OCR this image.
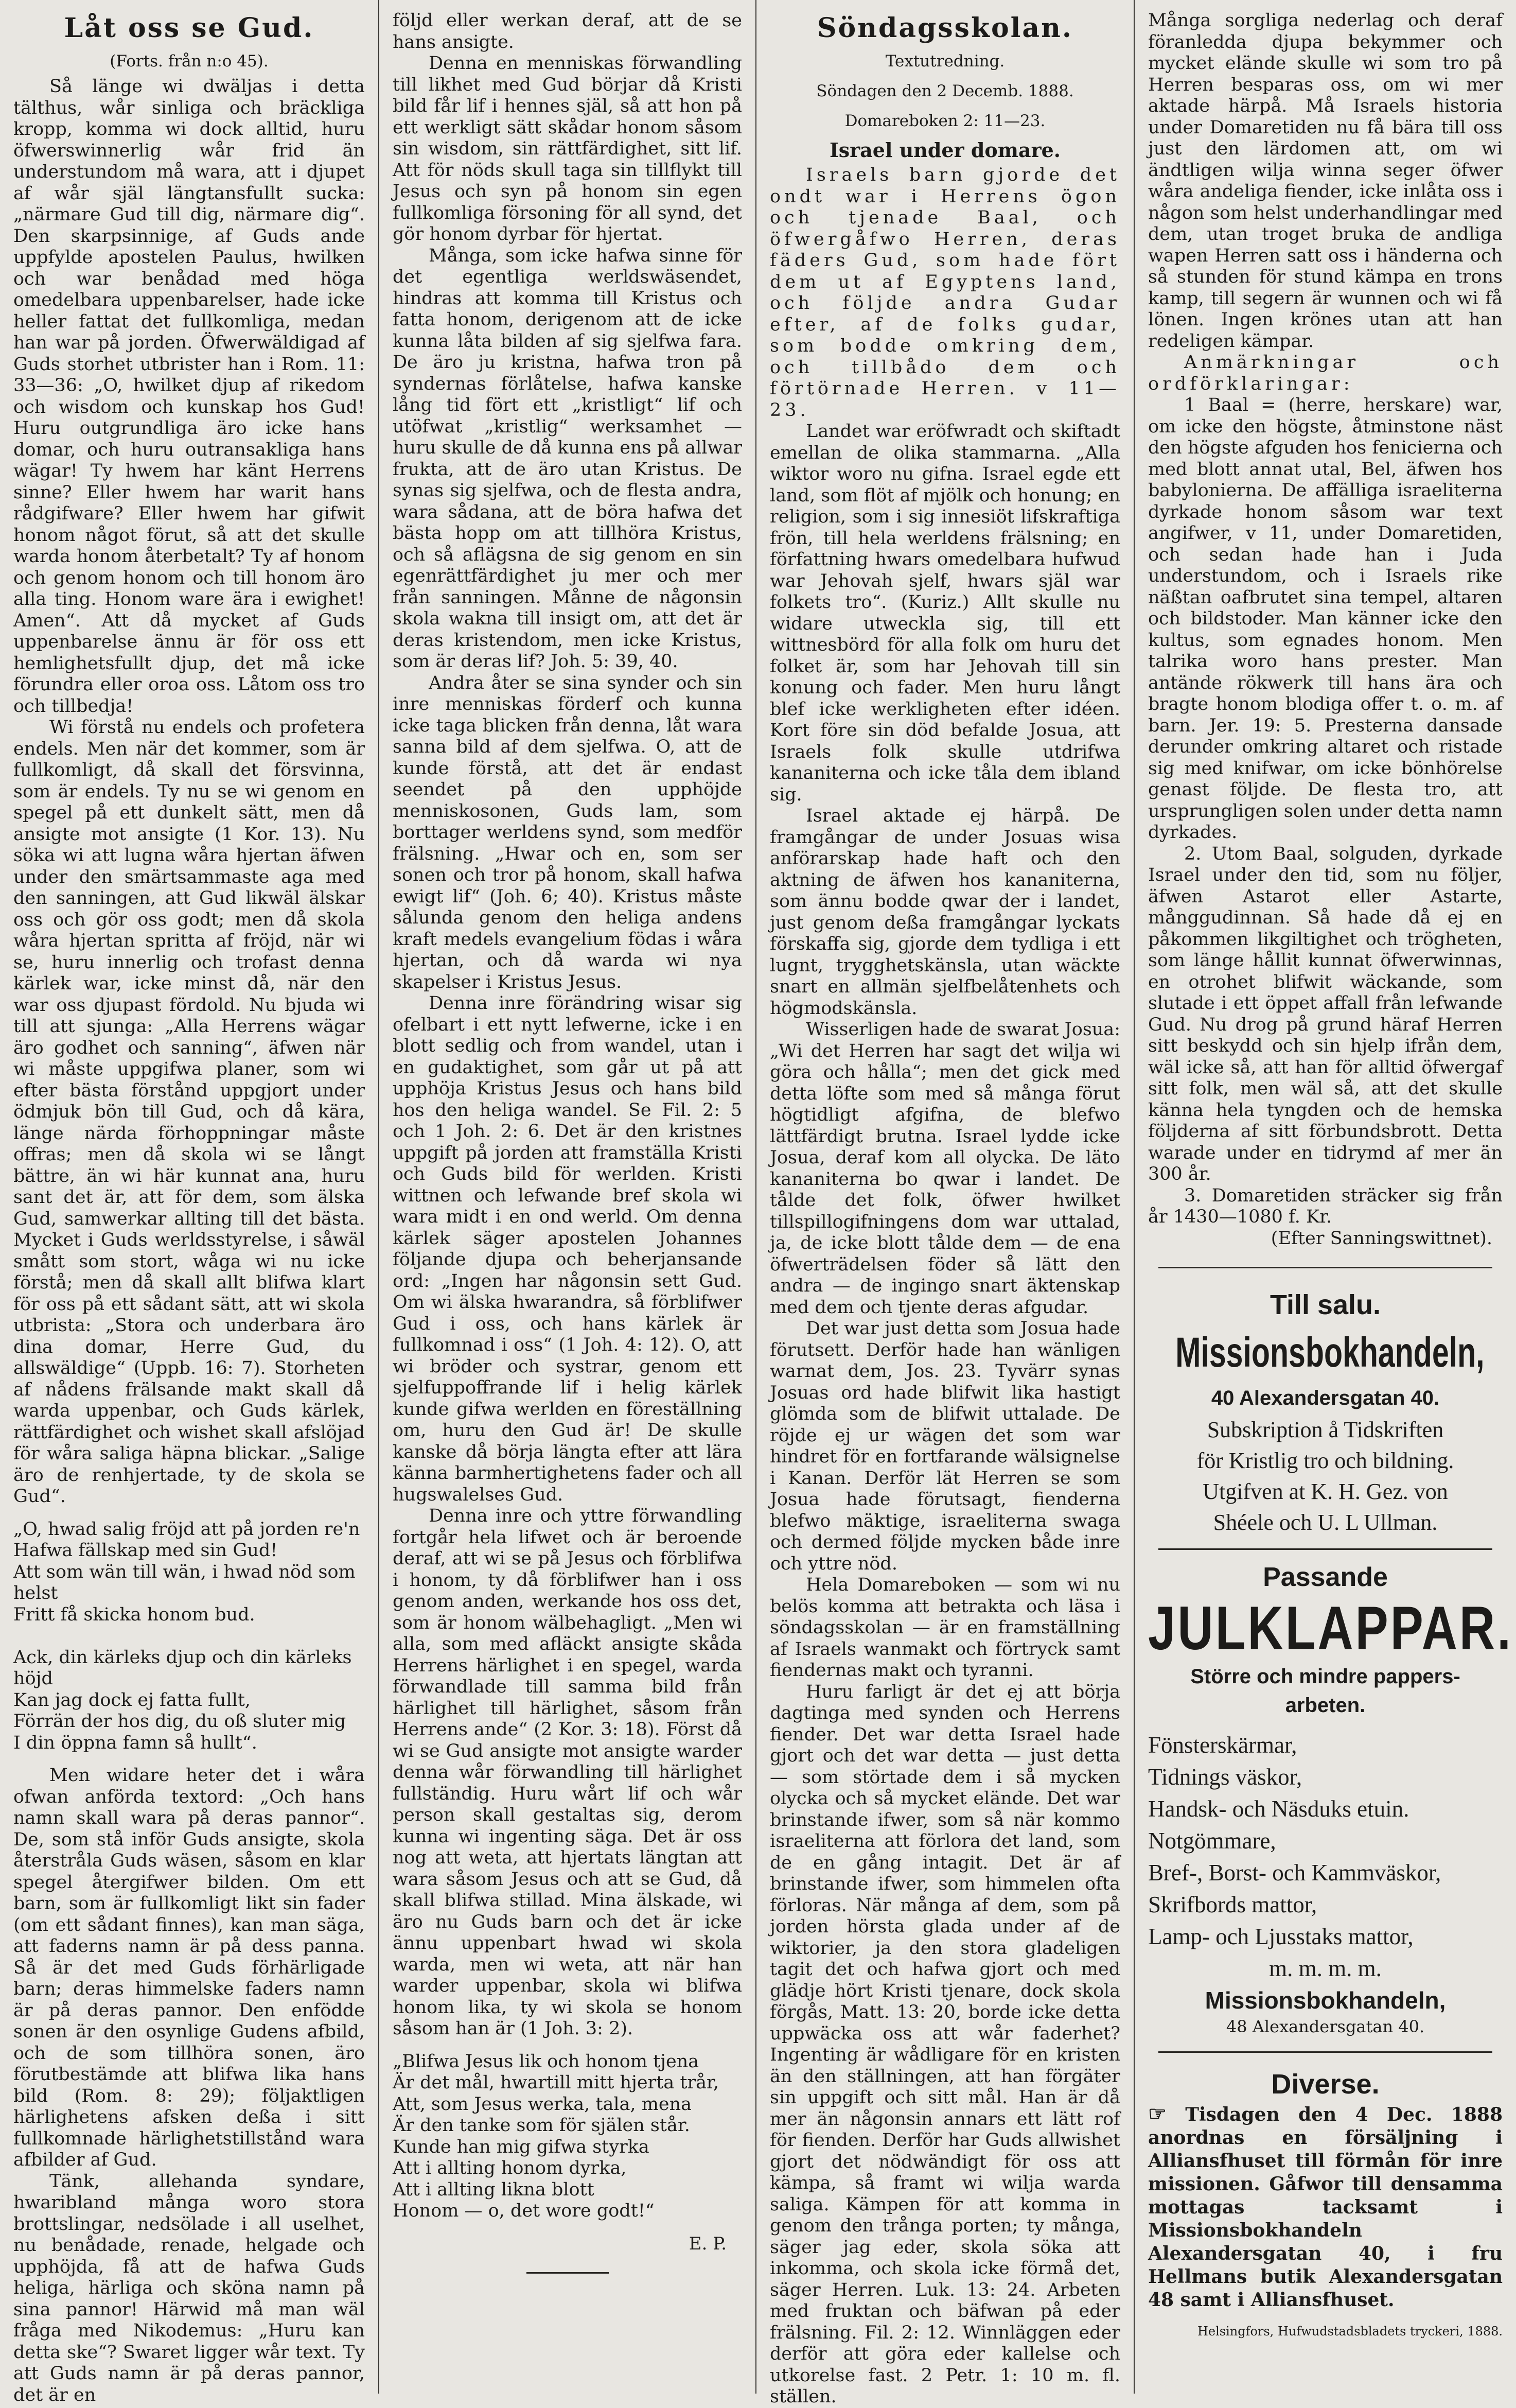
Låt oss se Gud.
(Forts. från n:o 45).

Så länge wi dwäljas i detta tälthus, wår sinliga och bräckliga kropp, komma wi dock alltid, huru öfwerswinnerlig wår frid än understundom må wara, att i djupet af wår själ längtansfullt sucka: „närmare Gud till dig, närmare dig“. Den skarpsinnige, af Guds ande uppfylde apostelen Paulus, hwilken och war benådad med höga omedelbara uppenbarelser, hade icke heller fattat det fullkomliga, medan han war på jorden. Öfwerwäldigad af Guds storhet utbrister han i Rom. 11: 33—36: „O, hwilket djup af rikedom och wisdom och kunskap hos Gud! Huru outgrundliga äro icke hans domar, och huru outransakliga hans wägar! Ty hwem har känt Herrens sinne? Eller hwem har warit hans rådgifware? Eller hwem har gifwit honom något förut, så att det skulle warda honom återbetalt? Ty af honom och genom honom och till honom äro alla ting. Honom ware ära i ewighet! Amen“. Att då mycket af Guds uppenbarelse ännu är för oss ett hemlighetsfullt djup, det må icke förundra eller oroa oss. Låtom oss tro och tillbedja!

Wi förstå nu endels och profetera endels. Men när det kommer, som är fullkomligt, då skall det försvinna, som är endels. Ty nu se wi genom en spegel på ett dunkelt sätt, men då ansigte mot ansigte (1 Kor. 13). Nu söka wi att lugna wåra hjertan äfwen under den smärtsammaste aga med den sanningen, att Gud likwäl älskar oss och gör oss godt; men då skola wåra hjertan spritta af fröjd, när wi se, huru innerlig och trofast denna kärlek war, icke minst då, när den war oss djupast fördold. Nu bjuda wi till att sjunga: „Alla Herrens wägar äro godhet och sanning“, äfwen när wi måste uppgifwa planer, som wi efter bästa förstånd uppgjort under ödmjuk bön till Gud, och då kära, länge närda förhoppningar måste offras; men då skola wi se långt bättre, än wi här kunnat ana, huru sant det är, att för dem, som älska Gud, samwerkar allting till det bästa. Mycket i Guds werldsstyrelse, i såwäl smått som stort, wåga wi nu icke förstå; men då skall allt blifwa klart för oss på ett sådant sätt, att wi skola utbrista: „Stora och underbara äro dina domar, Herre Gud, du allswäldige“ (Uppb. 16: 7). Storheten af nådens frälsande makt skall då warda uppenbar, och Guds kärlek, rättfärdighet och wishet skall afslöjad för wåra saliga häpna blickar. „Salige äro de renhjertade, ty de skola se Gud“.

„O, hwad salig fröjd att på jorden re'n
Hafwa fällskap med sin Gud!
Att som wän till wän, i hwad nöd som helst
Fritt få skicka honom bud.

Ack, din kärleks djup och din kärleks höjd
Kan jag dock ej fatta fullt,
Förrän der hos dig, du oß sluter mig
I din öppna famn så hullt“.

Men widare heter det i wåra ofwan anförda textord: „Och hans namn skall wara på deras pannor“. De, som stå inför Guds ansigte, skola återstråla Guds wäsen, såsom en klar spegel återgifwer bilden. Om ett barn, som är fullkomligt likt sin fader (om ett sådant finnes), kan man säga, att faderns namn är på dess panna. Så är det med Guds förhärligade barn; deras himmelske faders namn är på deras pannor. Den enfödde sonen är den osynlige Gudens afbild, och de som tillhöra sonen, äro förutbestämde att blifwa lika hans bild (Rom. 8: 29); följaktligen härlighetens afsken deßa i sitt fullkomnade härlighetstillstånd wara afbilder af Gud.

Tänk, allehanda syndare, hwaribland många woro stora brottslingar, nedsölade i all uselhet, nu benådade, renade, helgade och upphöjda, få att de hafwa Guds heliga, härliga och sköna namn på sina pannor! Härwid må man wäl fråga med Nikodemus: „Huru kan detta ske“? Swaret ligger wår text. Ty att Guds namn är på deras pannor, det är en

följd eller werkan deraf, att de se hans ansigte.

Denna en menniskas förwandling till likhet med Gud börjar då Kristi bild får lif i hennes själ, så att hon på ett werkligt sätt skådar honom såsom sin wisdom, sin rättfärdighet, sitt lif. Att för nöds skull taga sin tillflykt till Jesus och syn på honom sin egen fullkomliga försoning för all synd, det gör honom dyrbar för hjertat.

Många, som icke hafwa sinne för det egentliga werldswäsendet, hindras att komma till Kristus och fatta honom, derigenom att de icke kunna låta bilden af sig sjelfwa fara. De äro ju kristna, hafwa tron på syndernas förlåtelse, hafwa kanske lång tid fört ett „kristligt“ lif och utöfwat „kristlig“ werksamhet — huru skulle de då kunna ens på allwar frukta, att de äro utan Kristus. De synas sig sjelfwa, och de flesta andra, wara sådana, att de böra hafwa det bästa hopp om att tillhöra Kristus, och så aflägsna de sig genom en sin egenrättfärdighet ju mer och mer från sanningen. Månne de någonsin skola wakna till insigt om, att det är deras kristendom, men icke Kristus, som är deras lif? Joh. 5: 39, 40.

Andra åter se sina synder och sin inre menniskas förderf och kunna icke taga blicken från denna, låt wara sanna bild af dem sjelfwa. O, att de kunde förstå, att det är endast seendet på den upphöjde menniskosonen, Guds lam, som borttager werldens synd, som medför frälsning. „Hwar och en, som ser sonen och tror på honom, skall hafwa ewigt lif“ (Joh. 6; 40). Kristus måste sålunda genom den heliga andens kraft medels evangelium födas i wåra hjertan, och då warda wi nya skapelser i Kristus Jesus.

Denna inre förändring wisar sig ofelbart i ett nytt lefwerne, icke i en blott sedlig och from wandel, utan i en gudaktighet, som går ut på att upphöja Kristus Jesus och hans bild hos den heliga wandel. Se Fil. 2: 5 och 1 Joh. 2: 6. Det är den kristnes uppgift på jorden att framställa Kristi och Guds bild för werlden. Kristi wittnen och lefwande bref skola wi wara midt i en ond werld. Om denna kärlek säger apostelen Johannes följande djupa och beherjansande ord: „Ingen har någonsin sett Gud. Om wi älska hwarandra, så förblifwer Gud i oss, och hans kärlek är fullkomnad i oss“ (1 Joh. 4: 12). O, att wi bröder och systrar, genom ett sjelfuppoffrande lif i helig kärlek kunde gifwa werlden en föreställning om, huru den Gud är! De skulle kanske då börja längta efter att lära känna barmhertighetens fader och all hugswalelses Gud.

Denna inre och yttre förwandling fortgår hela lifwet och är beroende deraf, att wi se på Jesus och förblifwa i honom, ty då förblifwer han i oss genom anden, werkande hos oss det, som är honom wälbehagligt. „Men wi alla, som med afläckt ansigte skåda Herrens härlighet i en spegel, warda förwandlade till samma bild från härlighet till härlighet, såsom från Herrens ande“ (2 Kor. 3: 18). Först då wi se Gud ansigte mot ansigte warder denna wår förwandling till härlighet fullständig. Huru wårt lif och wår person skall gestaltas sig, derom kunna wi ingenting säga. Det är oss nog att weta, att hjertats längtan att wara såsom Jesus och att se Gud, då skall blifwa stillad. Mina älskade, wi äro nu Guds barn och det är icke ännu uppenbart hwad wi skola warda, men wi weta, att när han warder uppenbar, skola wi blifwa honom lika, ty wi skola se honom såsom han är (1 Joh. 3: 2).

„Blifwa Jesus lik och honom tjena
Är det mål, hwartill mitt hjerta trår,
Att, som Jesus werka, tala, mena
Är den tanke som för själen står.
Kunde han mig gifwa styrka
Att i allting honom dyrka,
Att i allting likna blott
Honom — o, det wore godt!“
E. P.
Söndagsskolan.
Textutredning.
Söndagen den 2 Decemb. 1888.
Domareboken 2: 11—23.
Israel under domare.

Israels barn gjorde det ondt war i Herrens ögon och tjenade Baal, och öfwergåfwo Herren, deras fäders Gud, som hade fört dem ut af Egyptens land, och följde andra Gudar efter, af de folks gudar, som bodde omkring dem, och tillbådo dem och förtörnade Herren. v 11—23.

Landet war eröfwradt och skiftadt emellan de olika stammarna. „Alla wiktor woro nu gifna. Israel egde ett land, som flöt af mjölk och honung; en religion, som i sig innesiöt lifskraftiga frön, till hela werldens frälsning; en författning hwars omedelbara hufwud war Jehovah sjelf, hwars själ war folkets tro“. (Kuriz.) Allt skulle nu widare utweckla sig, till ett wittnesbörd för alla folk om huru det folket är, som har Jehovah till sin konung och fader. Men huru långt blef icke werkligheten efter idéen. Kort före sin död befalde Josua, att Israels folk skulle utdrifwa kananiterna och icke tåla dem ibland sig.

Israel aktade ej härpå. De framgångar de under Josuas wisa anförarskap hade haft och den aktning de äfwen hos kananiterna, som ännu bodde qwar der i landet, just genom deßa framgångar lyckats förskaffa sig, gjorde dem tydliga i ett lugnt, trygghetskänsla, utan wäckte snart en allmän sjelfbelåtenhets och högmodskänsla.

Wisserligen hade de swarat Josua: „Wi det Herren har sagt det wilja wi göra och hålla“; men det gick med detta löfte som med så många förut högtidligt afgifna, de blefwo lättfärdigt brutna. Israel lydde icke Josua, deraf kom all olycka. De läto kananiterna bo qwar i landet. De tålde det folk, öfwer hwilket tillspillogifningens dom war uttalad, ja, de icke blott tålde dem — de ena öfwerträdelsen föder så lätt den andra — de ingingo snart äktenskap med dem och tjente deras afgudar.

Det war just detta som Josua hade förutsett. Derför hade han wänligen warnat dem, Jos. 23. Tyvärr synas Josuas ord hade blifwit lika hastigt glömda som de blifwit uttalade. De röjde ej ur wägen det som war hindret för en fortfarande wälsignelse i Kanan. Derför lät Herren se som Josua hade förutsagt, fienderna blefwo mäktige, israeliterna swaga och dermed följde mycken både inre och yttre nöd.

Hela Domareboken — som wi nu belös komma att betrakta och läsa i söndagsskolan — är en framställning af Israels wanmakt och förtryck samt fiendernas makt och tyranni.

Huru farligt är det ej att börja dagtinga med synden och Herrens fiender. Det war detta Israel hade gjort och det war detta — just detta — som störtade dem i så mycken olycka och så mycket elände. Det war brinstande ifwer, som så när kommo israeliterna att förlora det land, som de en gång intagit. Det är af brinstande ifwer, som himmelen ofta förloras. När många af dem, som på jorden hörsta glada under af de wiktorier, ja den stora gladeligen tagit det och hafwa gjort och med glädje hört Kristi tjenare, dock skola förgås, Matt. 13: 20, borde icke detta uppwäcka oss att wår faderhet? Ingenting är wådligare för en kristen än den ställningen, att han förgäter sin uppgift och sitt mål. Han är då mer än någonsin annars ett lätt rof för fienden. Derför har Guds allwishet gjort det nödwändigt för oss att kämpa, så framt wi wilja warda saliga. Kämpen för att komma in genom den trånga porten; ty många, säger jag eder, skola söka att inkomma, och skola icke förmå det, säger Herren. Luk. 13: 24. Arbeten med fruktan och bäfwan på eder frälsning. Fil. 2: 12. Winnläggen eder derför att göra eder kallelse och utkorelse fast. 2 Petr. 1: 10 m. fl. ställen.

Många sorgliga nederlag och deraf föranledda djupa bekymmer och mycket elände skulle wi som tro på Herren besparas oss, om wi mer aktade härpå. Må Israels historia under Domaretiden nu få bära till oss just den lärdomen att, om wi ändtligen wilja winna seger öfwer wåra andeliga fiender, icke inlåta oss i någon som helst underhandlingar med dem, utan troget bruka de andliga wapen Herren satt oss i händerna och så stunden för stund kämpa en trons kamp, till segern är wunnen och wi få lönen. Ingen krönes utan att han redeligen kämpar.

Anmärkningar och ordförklaringar:

1 Baal = (herre, herskare) war, om icke den högste, åtminstone näst den högste afguden hos fenicierna och med blott annat utal, Bel, äfwen hos babylonierna. De affälliga israeliterna dyrkade honom såsom war text angifwer, v 11, under Domaretiden, och sedan hade han i Juda understundom, och i Israels rike näßtan oafbrutet sina tempel, altaren och bildstoder. Man känner icke den kultus, som egnades honom. Men talrika woro hans prester. Man antände rökwerk till hans ära och bragte honom blodiga offer t. o. m. af barn. Jer. 19: 5. Presterna dansade derunder omkring altaret och ristade sig med knifwar, om icke bönhörelse genast följde. De flesta tro, att ursprungligen solen under detta namn dyrkades.

2. Utom Baal, solguden, dyrkade Israel under den tid, som nu följer, äfwen Astarot eller Astarte, månggudinnan. Så hade då ej en påkommen likgiltighet och trögheten, som länge hållit kunnat öfwerwinnas, en otrohet blifwit wäckande, som slutade i ett öppet affall från lefwande Gud. Nu drog på grund häraf Herren sitt beskydd och sin hjelp ifrån dem, wäl icke så, att han för alltid öfwergaf sitt folk, men wäl så, att det skulle känna hela tyngden och de hemska följderna af sitt förbundsbrott. Detta warade under en tidrymd af mer än 300 år.

3. Domaretiden sträcker sig från år 1430—1080 f. Kr.

(Efter Sanningswittnet).
Till salu.
Missionsbokhandeln,
40 Alexandersgatan 40.
Subskription å Tidskriften
för Kristlig tro och bildning.
Utgifven at K. H. Gez. von
Shéele och U. L Ullman.
Passande
JULKLAPPAR.
Större och mindre pappers-arbeten.
Fönsterskärmar,
Tidnings väskor,
Handsk- och Näsduks etuin.
Notgömmare,
Bref-, Borst- och Kammväskor,
Skrifbords mattor,
Lamp- och Ljusstaks mattor,
m. m. m. m.
Missionsbokhandeln,
48 Alexandersgatan 40.
Diverse.
☞ Tisdagen den 4 Dec. 1888 anordnas en försäljning i Alliansfhuset till förmån för inre missionen. Gåfwor till densamma mottagas tacksamt i Missionsbokhandeln Alexandersgatan 40, i fru Hellmans butik Alexandersgatan 48 samt i Alliansfhuset.
Helsingfors, Hufwudstadsbladets tryckeri, 1888.
